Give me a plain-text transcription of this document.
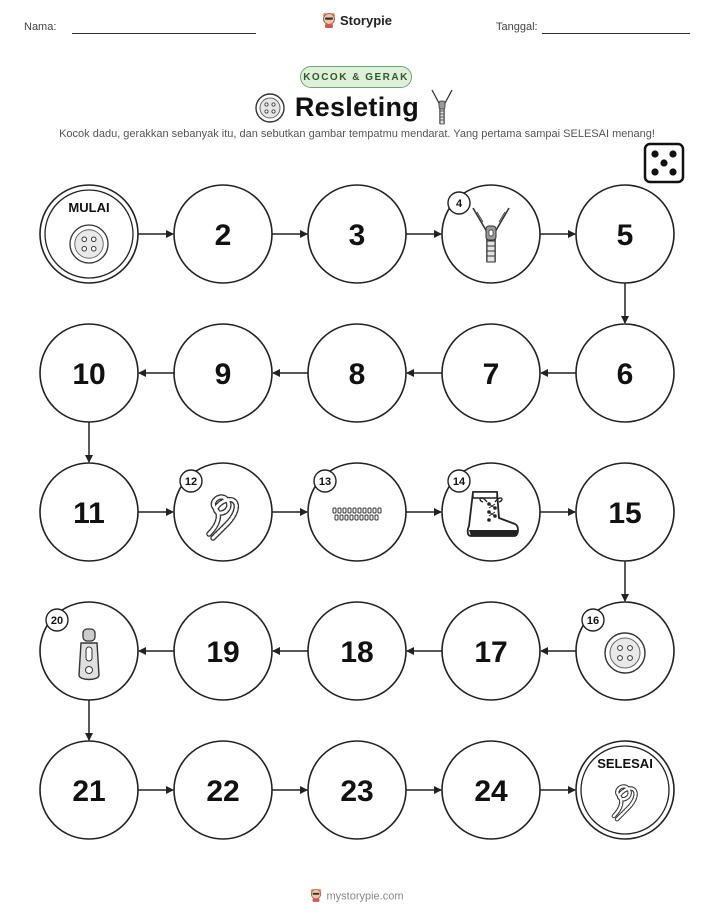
Nama:	Storypie	Tanggal:
KOCOK & GERAK
Resleting
Kocok dadu, gerakkan sebanyak itu, dan sebutkan gambar tempatmu mendarat. Yang pertama sampai SELESAI menang!
MULAI
2	3
4
5
6
7
8
9
10
11
12	13	14
15
16
17
18
19
20
21	22	23	24
SELESAI
mystorypie.com
